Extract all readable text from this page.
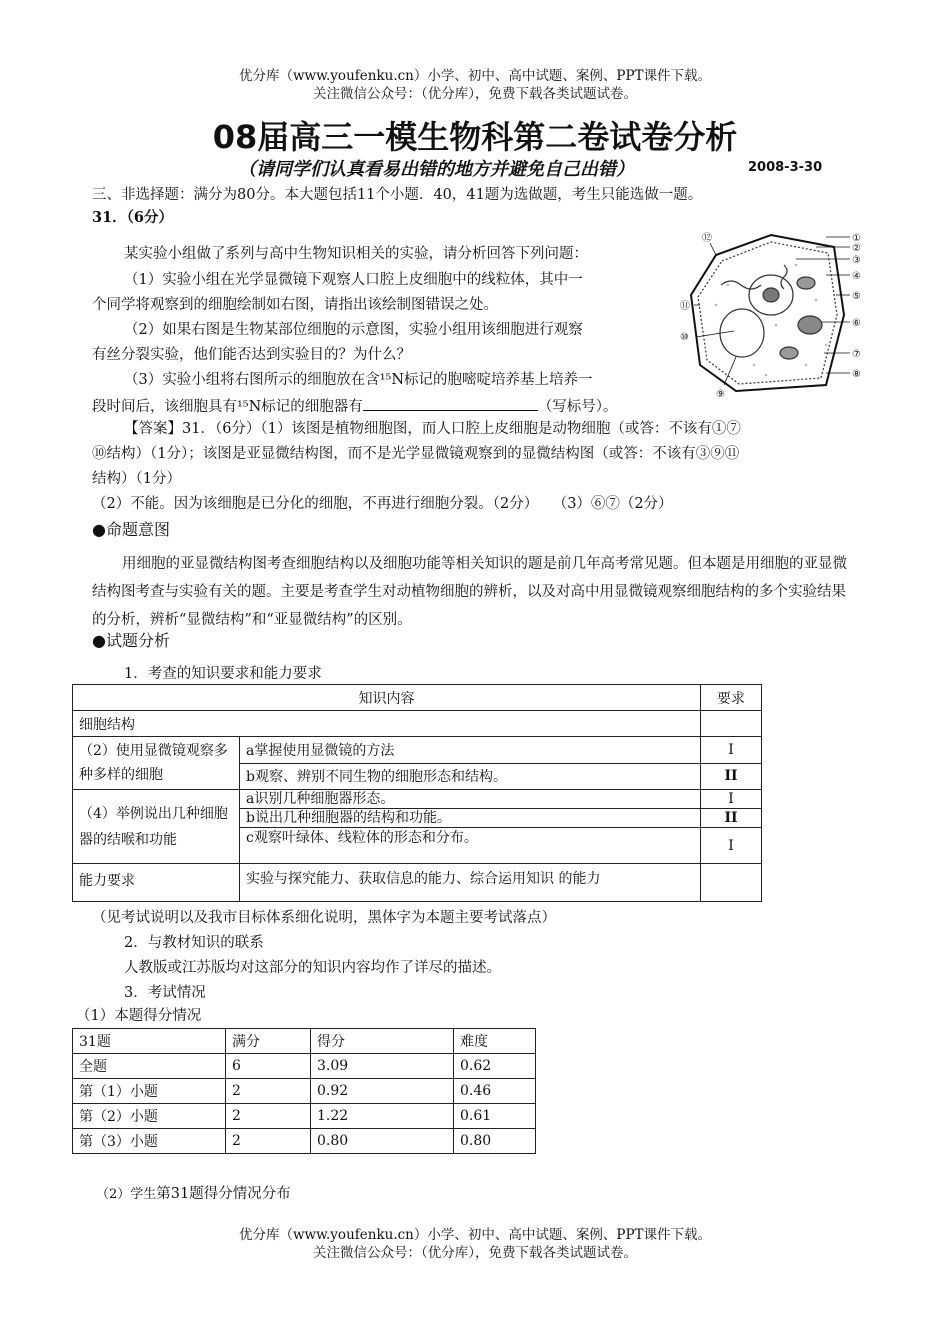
优分库（www.youfenku.cn）小学、初中、高中试题、案例、PPT课件下载。
关注微信公众号：（优分库），免费下载各类试题试卷。
08届高三一模生物科第二卷试卷分析
（请同学们认真看易出错的地方并避免自己出错）	2008-3-30
三、非选择题：满分为80分。本大题包括11个小题．40，41题为选做题，考生只能选做一题。
31．（6分）
某实验小组做了系列与高中生物知识相关的实验，请分析回答下列问题：
（1）实验小组在光学显微镜下观察人口腔上皮细胞中的线粒体，其中一
个同学将观察到的细胞绘制如右图，请指出该绘制图错误之处。
（2）如果右图是生物某部位细胞的示意图，实验小组用该细胞进行观察
有丝分裂实验，他们能否达到实验目的？为什么？
（3）实验小组将右图所示的细胞放在含¹⁵N标记的胞嘧啶培养基上培养一
段时间后，该细胞具有¹⁵N标记的细胞器有	（写标号）。
①
②
③
④
⑤
⑥
⑦
⑧
⑨
⑩
⑪
⑫
【答案】31．（6分）（1）该图是植物细胞图，而人口腔上皮细胞是动物细胞（或答：不该有①⑦
⑩结构）（1分）；该图是亚显微结构图，而不是光学显微镜观察到的显微结构图（或答：不该有③⑨⑪
结构）（1分）
（2）不能。因为该细胞是已分化的细胞，不再进行细胞分裂。（2分）　　（3）⑥⑦（2分）
●命题意图
用细胞的亚显微结构图考查细胞结构以及细胞功能等相关知识的题是前几年高考常见题。但本题是用细胞的亚显微结构图考查与实验有关的题。主要是考查学生对动植物细胞的辨析，以及对高中用显微镜观察细胞结构的多个实验结果的分析，辨析“显微结构”和“亚显微结构”的区别。
●试题分析
1．考查的知识要求和能力要求
知识内容		要求
细胞结构		
（2）使用显微镜观察多种多样的细胞	a掌握使用显微镜的方法	I
	b观察、辨别不同生物的细胞形态和结构。	II
（4）举例说出几种细胞器的结喉和功能	a识别几种细胞器形态。	I
	b说出几种细胞器的结构和功能。	II
	c观察叶绿体、线粒体的形态和分布。	I
能力要求	实验与探究能力、获取信息的能力、综合运用知识 的能力	
（见考试说明以及我市目标体系细化说明，黑体字为本题主要考试落点）
2．与教材知识的联系
人教版或江苏版均对这部分的知识内容均作了详尽的描述。
3．考试情况
（1）本题得分情况
31题	满分	得分	难度
全题	6	3.09	0.62
第（1）小题	2	0.92	0.46
第（2）小题	2	1.22	0.61
第（3）小题	2	0.80	0.80
（2）学生第31题得分情况分布
优分库（www.youfenku.cn）小学、初中、高中试题、案例、PPT课件下载。
关注微信公众号：（优分库），免费下载各类试题试卷。
